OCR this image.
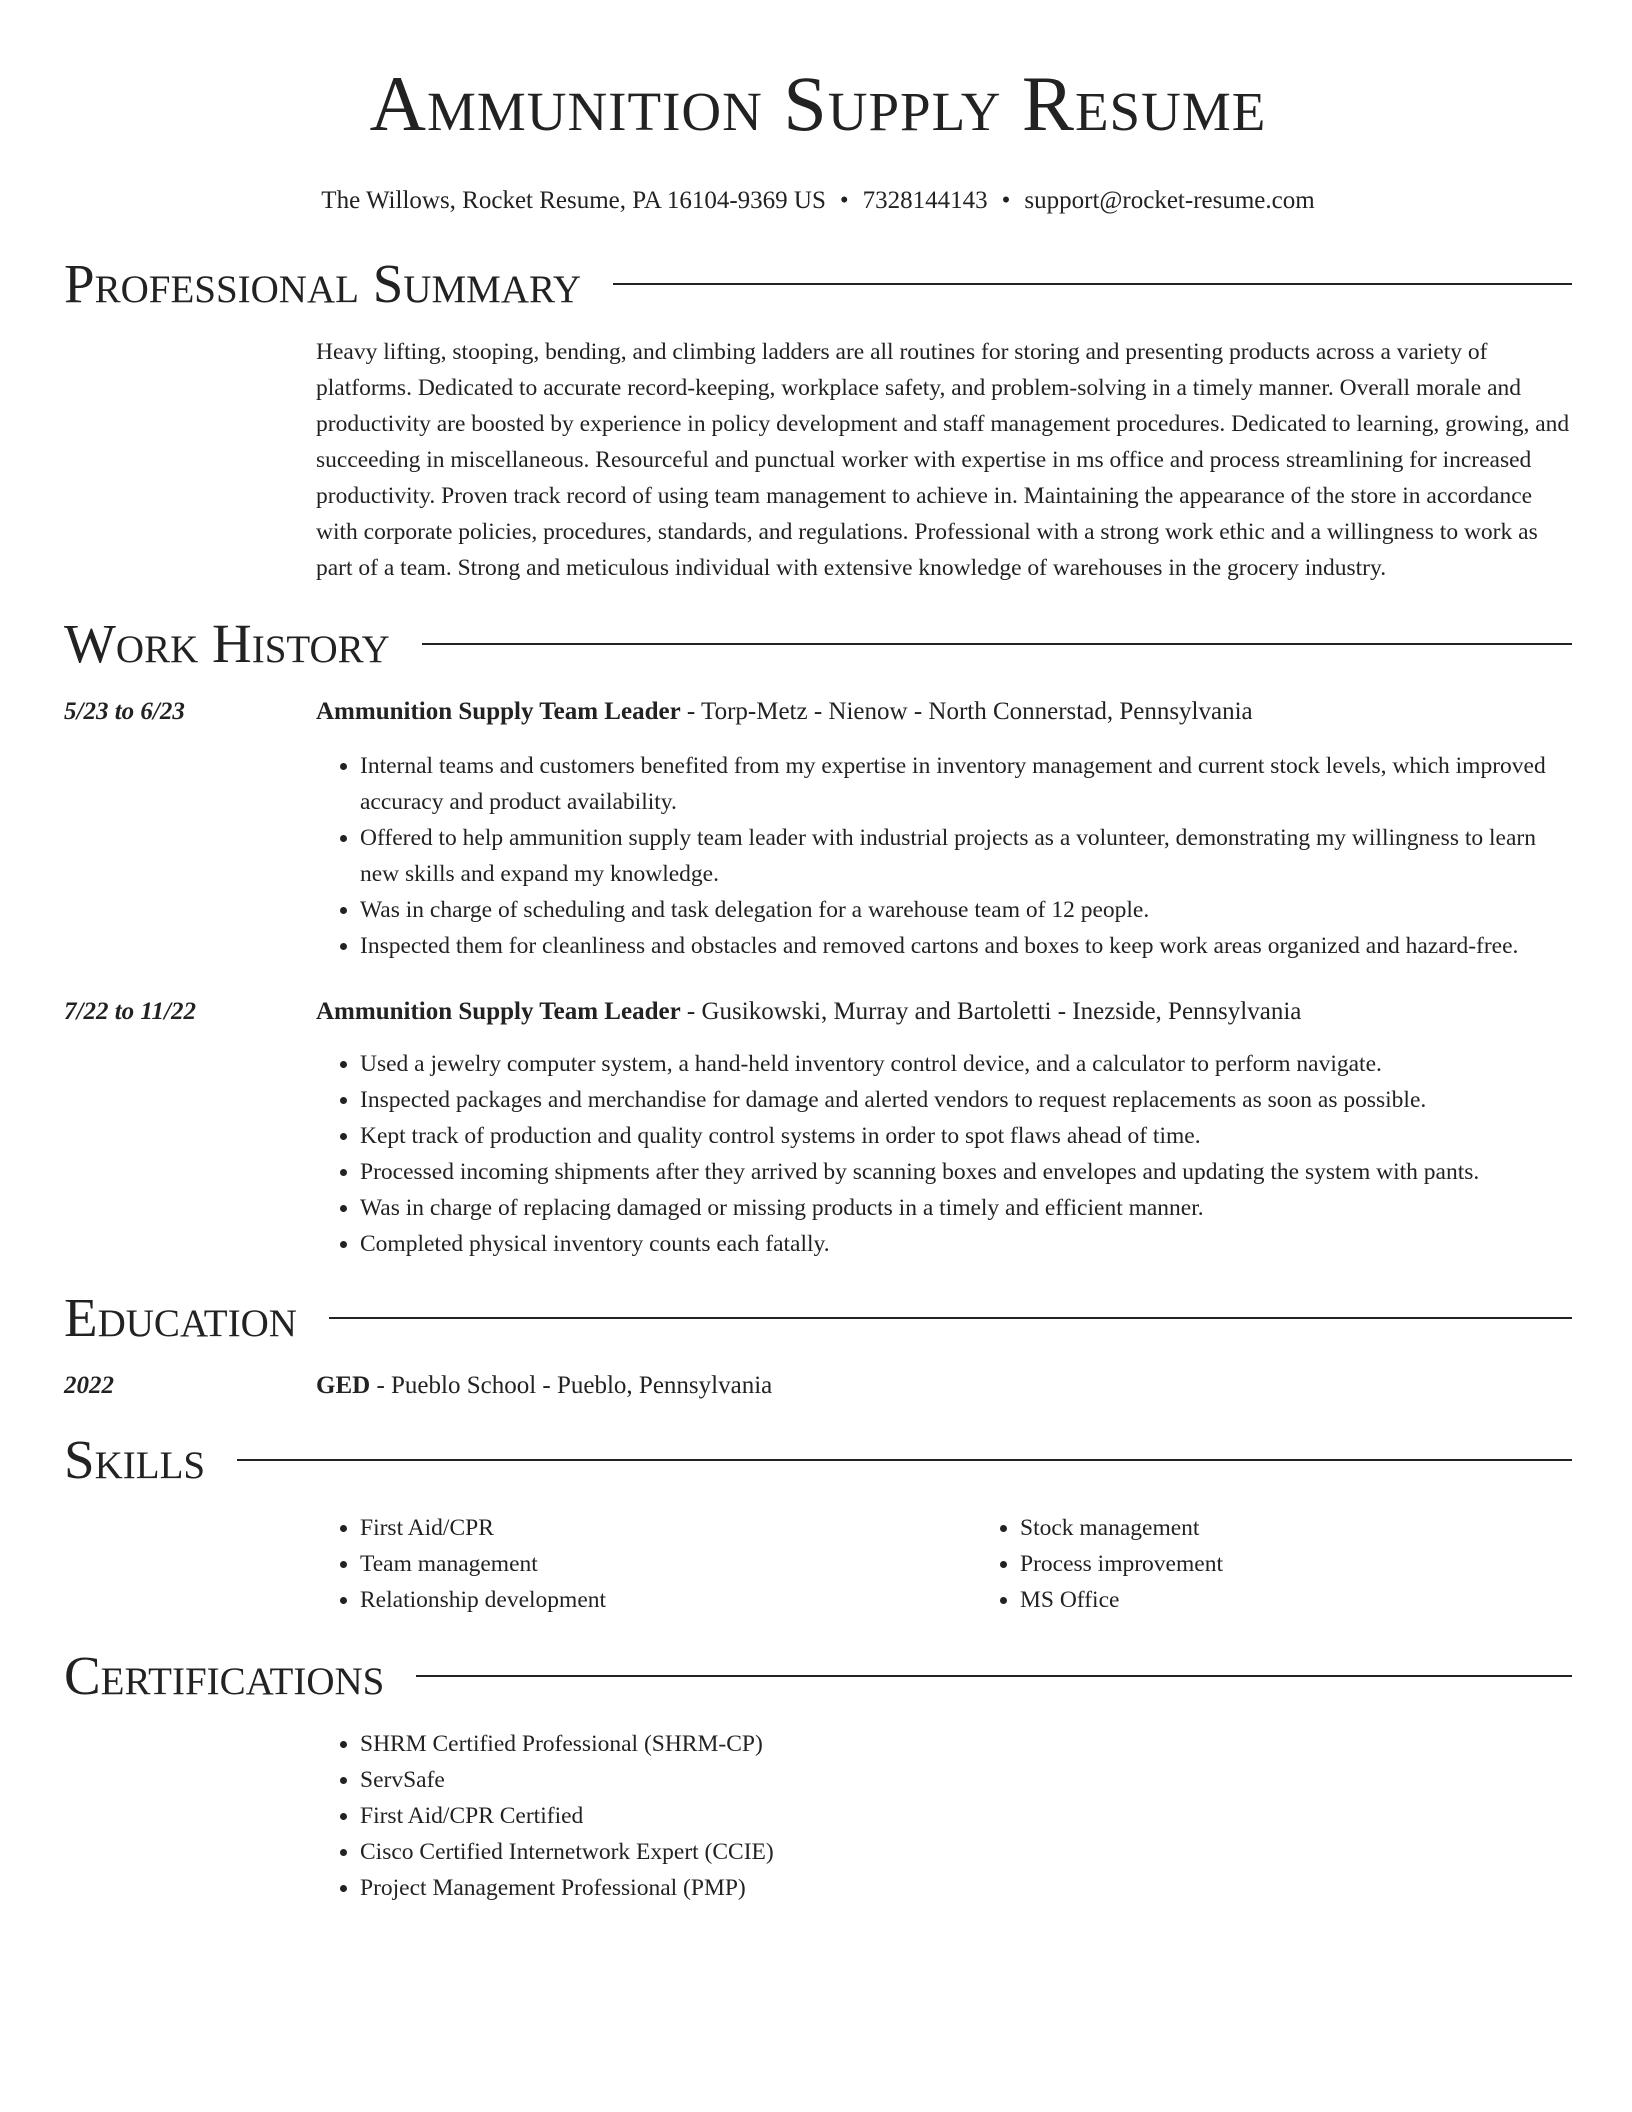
Ammunition Supply Resume
The Willows, Rocket Resume, PA 16104-9369 US • 7328144143 • support@rocket-resume.com
Professional Summary

Heavy lifting, stooping, bending, and climbing ladders are all routines for storing and presenting products across a variety of platforms. Dedicated to accurate record-keeping, workplace safety, and problem-solving in a timely manner. Overall morale and productivity are boosted by experience in policy development and staff management procedures. Dedicated to learning, growing, and succeeding in miscellaneous. Resourceful and punctual worker with expertise in ms office and process streamlining for increased productivity. Proven track record of using team management to achieve in. Maintaining the appearance of the store in accordance with corporate policies, procedures, standards, and regulations. Professional with a strong work ethic and a willingness to work as part of a team. Strong and meticulous individual with extensive knowledge of warehouses in the grocery industry.

Work History
5/23 to 6/23	Ammunition Supply Team Leader - Torp-Metz - Nienow - North Connerstad, Pennsylvania
• Internal teams and customers benefited from my expertise in inventory management and current stock levels, which improved accuracy and product availability.
• Offered to help ammunition supply team leader with industrial projects as a volunteer, demonstrating my willingness to learn new skills and expand my knowledge.
• Was in charge of scheduling and task delegation for a warehouse team of 12 people.
• Inspected them for cleanliness and obstacles and removed cartons and boxes to keep work areas organized and hazard-free.
7/22 to 11/22	Ammunition Supply Team Leader - Gusikowski, Murray and Bartoletti - Inezside, Pennsylvania
• Used a jewelry computer system, a hand-held inventory control device, and a calculator to perform navigate.
• Inspected packages and merchandise for damage and alerted vendors to request replacements as soon as possible.
• Kept track of production and quality control systems in order to spot flaws ahead of time.
• Processed incoming shipments after they arrived by scanning boxes and envelopes and updating the system with pants.
• Was in charge of replacing damaged or missing products in a timely and efficient manner.
• Completed physical inventory counts each fatally.
Education
2022	GED - Pueblo School - Pueblo, Pennsylvania
Skills
• First Aid/CPR
• Team management
• Relationship development
• Stock management
• Process improvement
• MS Office
Certifications
• SHRM Certified Professional (SHRM-CP)
• ServSafe
• First Aid/CPR Certified
• Cisco Certified Internetwork Expert (CCIE)
• Project Management Professional (PMP)
